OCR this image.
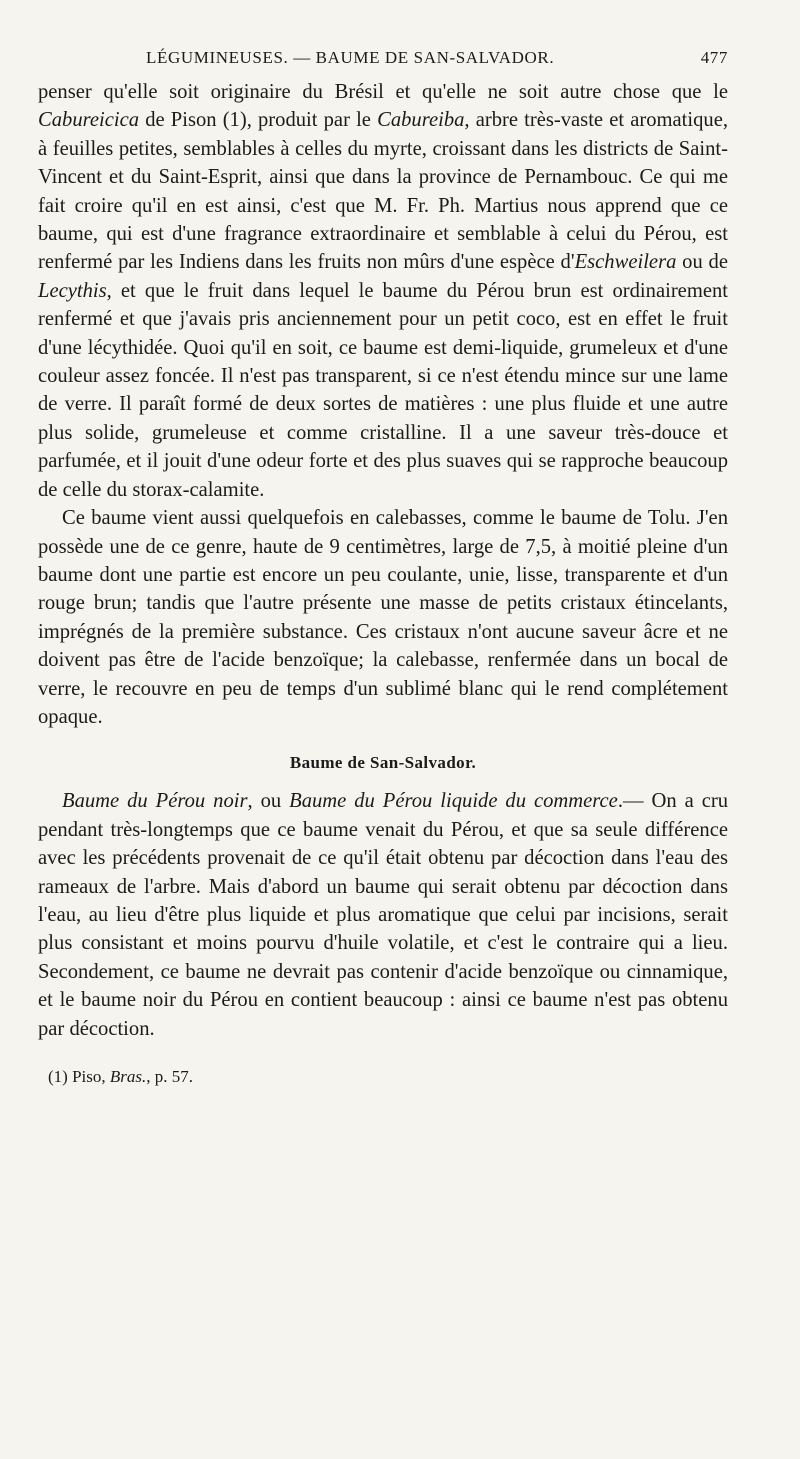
LÉGUMINEUSES. — BAUME DE SAN-SALVADOR.	477

penser qu'elle soit originaire du Brésil et qu'elle ne soit autre chose que le Cabureicica de Pison (1), produit par le Cabureiba, arbre très-vaste et aromatique, à feuilles petites, semblables à celles du myrte, croissant dans les districts de Saint-Vincent et du Saint-Esprit, ainsi que dans la province de Pernambouc. Ce qui me fait croire qu'il en est ainsi, c'est que M. Fr. Ph. Martius nous apprend que ce baume, qui est d'une fragrance extraordinaire et semblable à celui du Pérou, est renfermé par les Indiens dans les fruits non mûrs d'une espèce d'Eschweilera ou de Lecythis, et que le fruit dans lequel le baume du Pérou brun est ordinairement renfermé et que j'avais pris anciennement pour un petit coco, est en effet le fruit d'une lécythidée. Quoi qu'il en soit, ce baume est demi-liquide, grumeleux et d'une couleur assez foncée. Il n'est pas transparent, si ce n'est étendu mince sur une lame de verre. Il paraît formé de deux sortes de matières : une plus fluide et une autre plus solide, grumeleuse et comme cristalline. Il a une saveur très-douce et parfumée, et il jouit d'une odeur forte et des plus suaves qui se rapproche beaucoup de celle du storax-calamite.

Ce baume vient aussi quelquefois en calebasses, comme le baume de Tolu. J'en possède une de ce genre, haute de 9 centimètres, large de 7,5, à moitié pleine d'un baume dont une partie est encore un peu coulante, unie, lisse, transparente et d'un rouge brun; tandis que l'autre présente une masse de petits cristaux étincelants, imprégnés de la première substance. Ces cristaux n'ont aucune saveur âcre et ne doivent pas être de l'acide benzoïque; la calebasse, renfermée dans un bocal de verre, le recouvre en peu de temps d'un sublimé blanc qui le rend complétement opaque.

Baume de San-Salvador.

Baume du Pérou noir, ou Baume du Pérou liquide du commerce.— On a cru pendant très-longtemps que ce baume venait du Pérou, et que sa seule différence avec les précédents provenait de ce qu'il était obtenu par décoction dans l'eau des rameaux de l'arbre. Mais d'abord un baume qui serait obtenu par décoction dans l'eau, au lieu d'être plus liquide et plus aromatique que celui par incisions, serait plus consistant et moins pourvu d'huile volatile, et c'est le contraire qui a lieu. Secondement, ce baume ne devrait pas contenir d'acide benzoïque ou cinnamique, et le baume noir du Pérou en contient beaucoup : ainsi ce baume n'est pas obtenu par décoction.

(1) Piso, Bras., p. 57.
